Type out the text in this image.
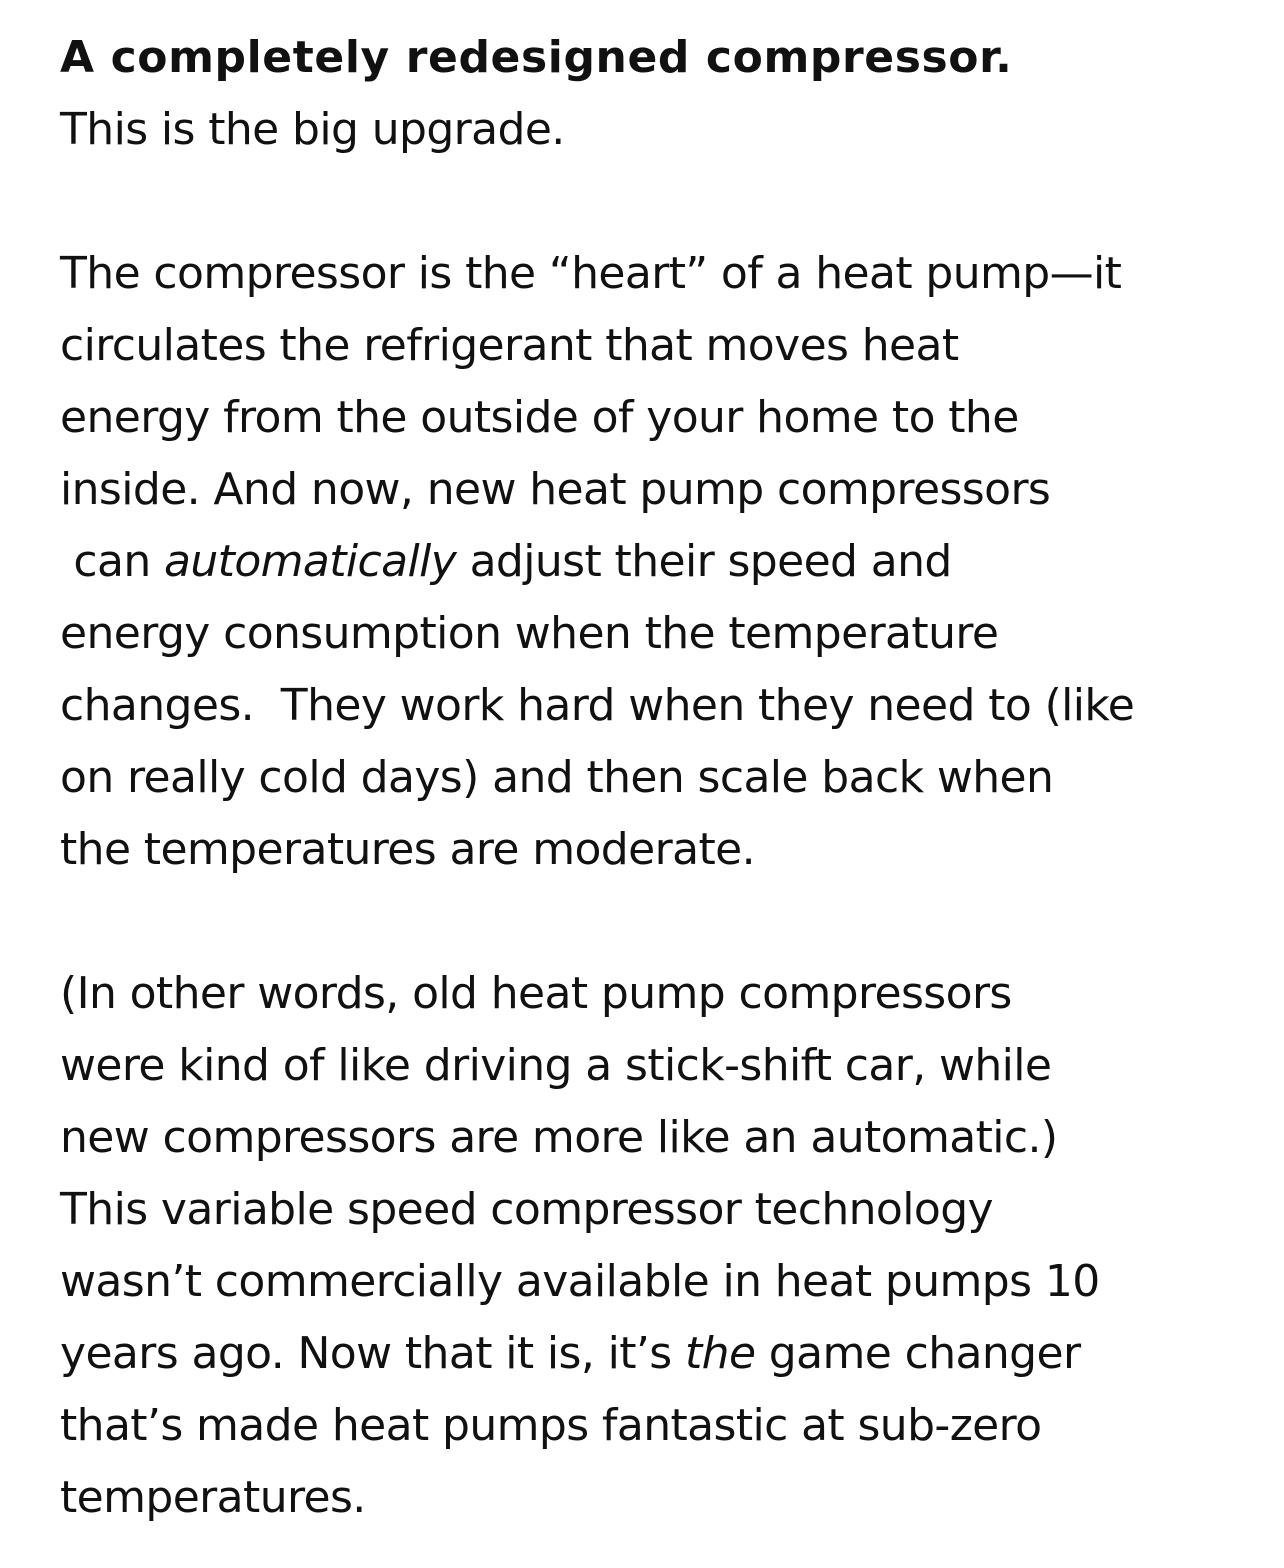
A completely redesigned compressor.
This is the big upgrade.
The compressor is the “heart” of a heat pump—it
circulates the refrigerant that moves heat
energy from the outside of your home to the
inside. And now, new heat pump compressors
can automatically adjust their speed and
energy consumption when the temperature
changes.  They work hard when they need to (like
on really cold days) and then scale back when
the temperatures are moderate.
(In other words, old heat pump compressors
were kind of like driving a stick-shift car, while
new compressors are more like an automatic.)
This variable speed compressor technology
wasn’t commercially available in heat pumps 10
years ago. Now that it is, it’s the game changer
that’s made heat pumps fantastic at sub-zero
temperatures.
